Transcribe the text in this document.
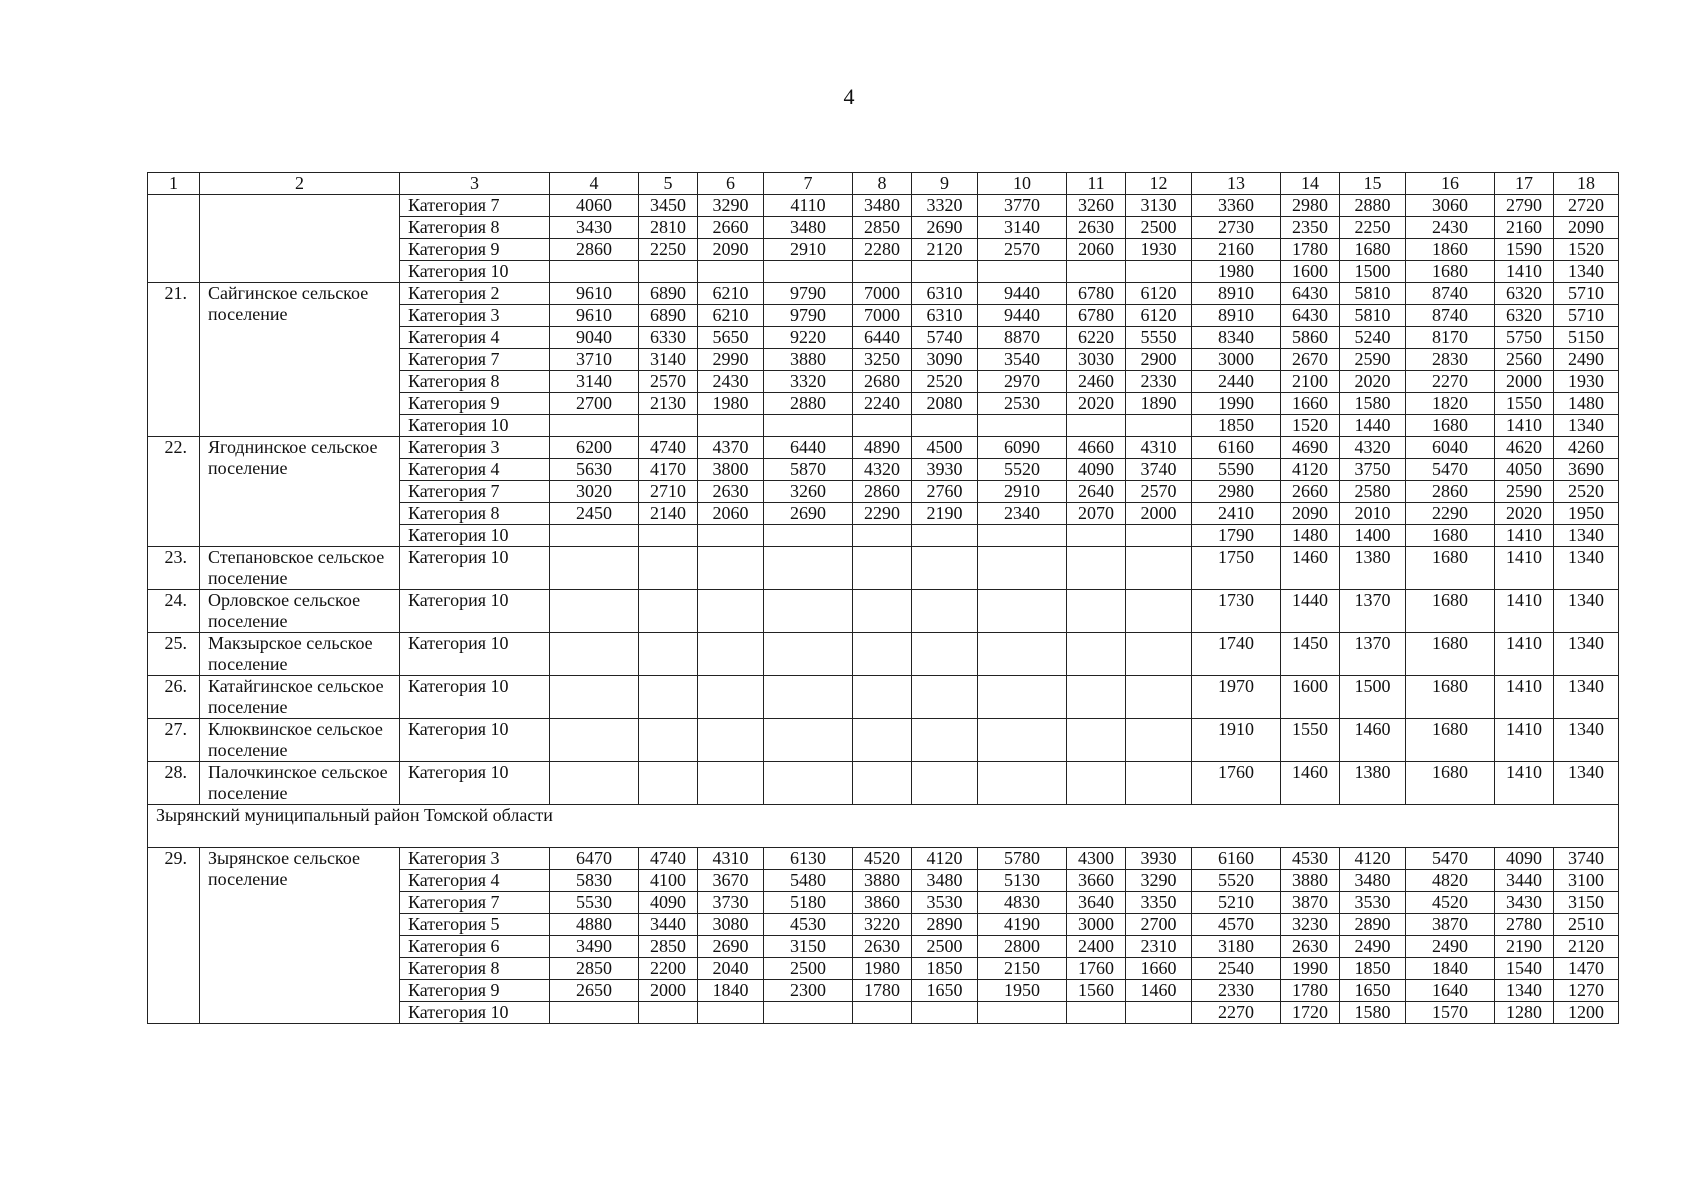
4
1	2	3	4	5	6	7	8	9	10	11	12	13	14	15	16	17	18
		Категория 7	4060	3450	3290	4110	3480	3320	3770	3260	3130	3360	2980	2880	3060	2790	2720
		Категория 8	3430	2810	2660	3480	2850	2690	3140	2630	2500	2730	2350	2250	2430	2160	2090
		Категория 9	2860	2250	2090	2910	2280	2120	2570	2060	1930	2160	1780	1680	1860	1590	1520
		Категория 10										1980	1600	1500	1680	1410	1340
21.	Сайгинское сельское поселение	Категория 2	9610	6890	6210	9790	7000	6310	9440	6780	6120	8910	6430	5810	8740	6320	5710
		Категория 3	9610	6890	6210	9790	7000	6310	9440	6780	6120	8910	6430	5810	8740	6320	5710
		Категория 4	9040	6330	5650	9220	6440	5740	8870	6220	5550	8340	5860	5240	8170	5750	5150
		Категория 7	3710	3140	2990	3880	3250	3090	3540	3030	2900	3000	2670	2590	2830	2560	2490
		Категория 8	3140	2570	2430	3320	2680	2520	2970	2460	2330	2440	2100	2020	2270	2000	1930
		Категория 9	2700	2130	1980	2880	2240	2080	2530	2020	1890	1990	1660	1580	1820	1550	1480
		Категория 10										1850	1520	1440	1680	1410	1340
22.	Ягоднинское сельское поселение	Категория 3	6200	4740	4370	6440	4890	4500	6090	4660	4310	6160	4690	4320	6040	4620	4260
		Категория 4	5630	4170	3800	5870	4320	3930	5520	4090	3740	5590	4120	3750	5470	4050	3690
		Категория 7	3020	2710	2630	3260	2860	2760	2910	2640	2570	2980	2660	2580	2860	2590	2520
		Категория 8	2450	2140	2060	2690	2290	2190	2340	2070	2000	2410	2090	2010	2290	2020	1950
		Категория 10										1790	1480	1400	1680	1410	1340
23.	Степановское сельское поселение	Категория 10										1750	1460	1380	1680	1410	1340
24.	Орловское сельское поселение	Категория 10										1730	1440	1370	1680	1410	1340
25.	Макзырское сельское поселение	Категория 10										1740	1450	1370	1680	1410	1340
26.	Катайгинское сельское поселение	Категория 10										1970	1600	1500	1680	1410	1340
27.	Клюквинское сельское поселение	Категория 10										1910	1550	1460	1680	1410	1340
28.	Палочкинское сельское поселение	Категория 10										1760	1460	1380	1680	1410	1340
Зырянский муниципальный район Томской области																	
29.	Зырянское сельское поселение	Категория 3	6470	4740	4310	6130	4520	4120	5780	4300	3930	6160	4530	4120	5470	4090	3740
		Категория 4	5830	4100	3670	5480	3880	3480	5130	3660	3290	5520	3880	3480	4820	3440	3100
		Категория 7	5530	4090	3730	5180	3860	3530	4830	3640	3350	5210	3870	3530	4520	3430	3150
		Категория 5	4880	3440	3080	4530	3220	2890	4190	3000	2700	4570	3230	2890	3870	2780	2510
		Категория 6	3490	2850	2690	3150	2630	2500	2800	2400	2310	3180	2630	2490	2490	2190	2120
		Категория 8	2850	2200	2040	2500	1980	1850	2150	1760	1660	2540	1990	1850	1840	1540	1470
		Категория 9	2650	2000	1840	2300	1780	1650	1950	1560	1460	2330	1780	1650	1640	1340	1270
		Категория 10										2270	1720	1580	1570	1280	1200
